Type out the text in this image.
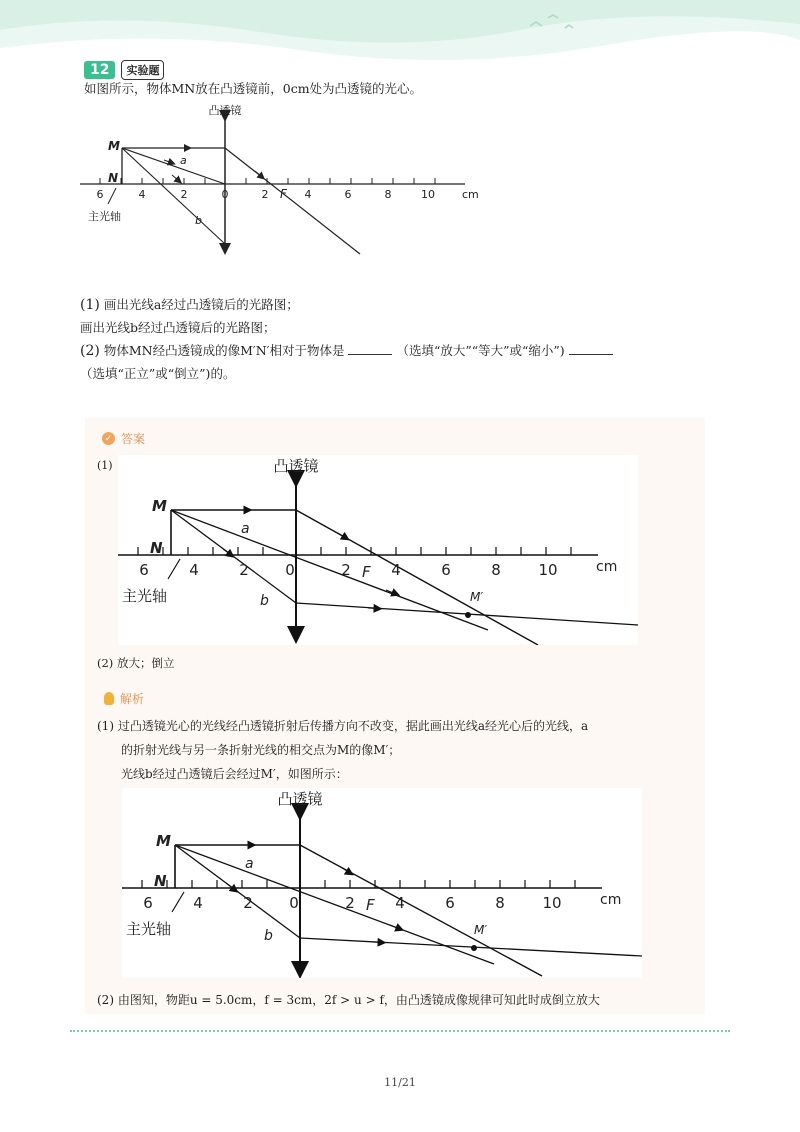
12	实验题
如图所示，物体MN放在凸透镜前，0cm处为凸透镜的光心。
凸透镜
M
N
a
b
6	4	2	0	2 F 4	6	8	10 cm
主光轴
(1) 画出光线a经过凸透镜后的光路图；
画出光线b经过凸透镜后的光路图；
(2) 物体MN经凸透镜成的像M′N′相对于物体是	（选填“放大”“等大”或“缩小”)
（选填“正立”或“倒立”)的。
✓ 答案
(1)	凸透镜
M
N
M′
a
b
6	4	2 0	2 F 4	6	8	10	cm
主光轴
(2) 放大；倒立
解析
(1) 过凸透镜光心的光线经凸透镜折射后传播方向不改变，据此画出光线a经光心后的光线，a
的折射光线与另一条折射光线的相交点为M的像M′；
光线b经过凸透镜后会经过M′，如图所示：
凸透镜
M
N
M′
a
b
6	4	2 0	2 F 4	6	8	10	cm
主光轴
(2) 由图知，物距u = 5.0cm，f = 3cm，2f > u > f，由凸透镜成像规律可知此时成倒立放大
11/21
